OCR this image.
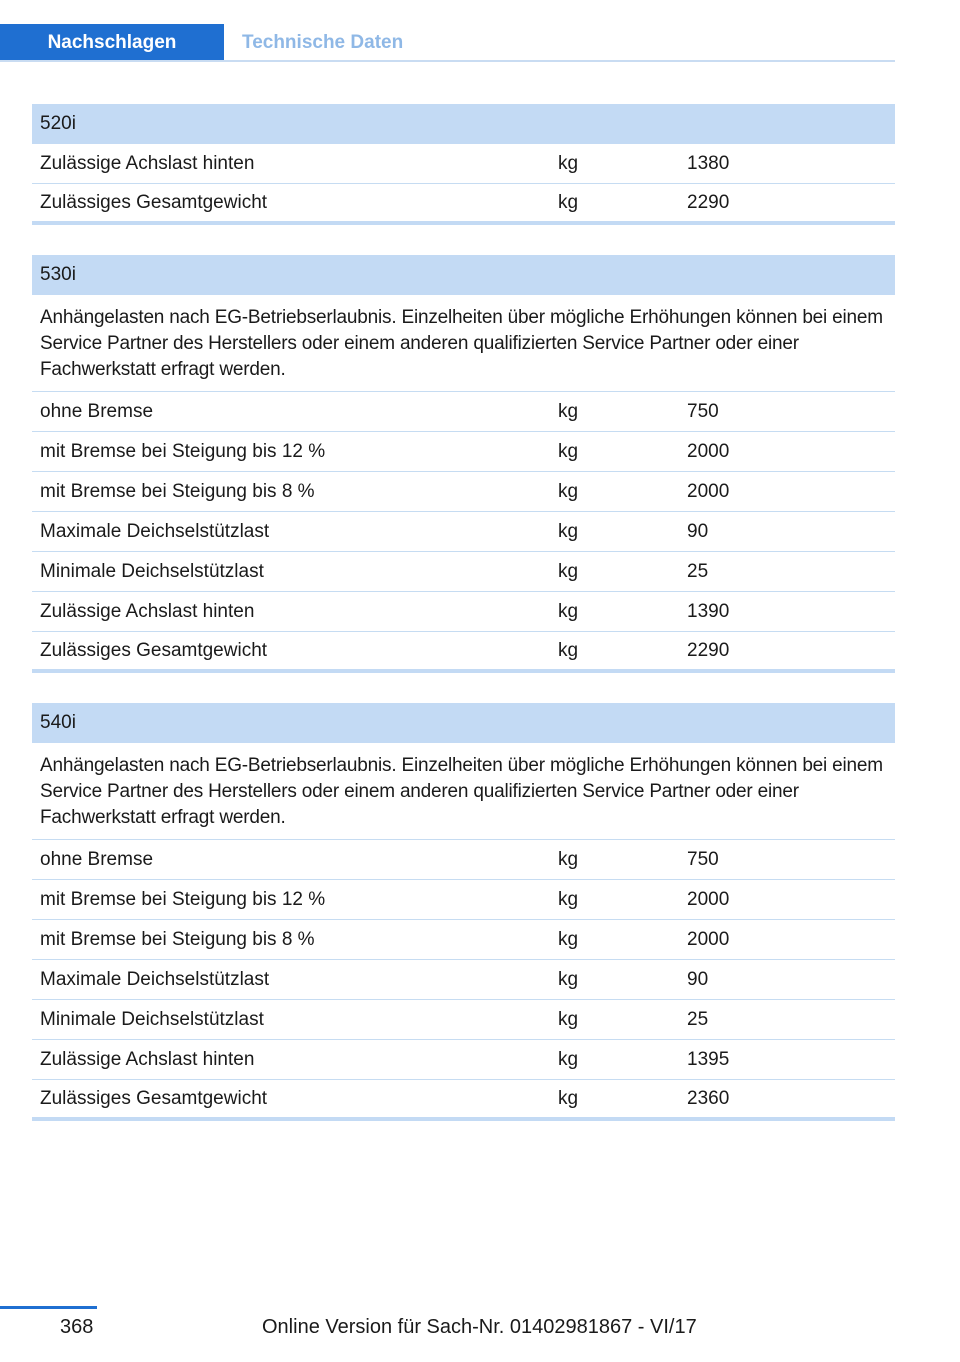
Nachschlagen	Technische Daten
520i
Zulässige Achslast hinten	kg	1380
Zulässiges Gesamtgewicht	kg	2290
530i
Anhängelasten nach EG-Betriebserlaubnis. Einzelheiten über mögliche Erhöhungen können bei einem Service Partner des Herstellers oder einem anderen qualifizierten Service Partner oder einer Fachwerkstatt erfragt werden.
ohne Bremse	kg	750
mit Bremse bei Steigung bis 12 %	kg	2000
mit Bremse bei Steigung bis 8 %	kg	2000
Maximale Deichselstützlast	kg	90
Minimale Deichselstützlast	kg	25
Zulässige Achslast hinten	kg	1390
Zulässiges Gesamtgewicht	kg	2290
540i
Anhängelasten nach EG-Betriebserlaubnis. Einzelheiten über mögliche Erhöhungen können bei einem Service Partner des Herstellers oder einem anderen qualifizierten Service Partner oder einer Fachwerkstatt erfragt werden.
ohne Bremse	kg	750
mit Bremse bei Steigung bis 12 %	kg	2000
mit Bremse bei Steigung bis 8 %	kg	2000
Maximale Deichselstützlast	kg	90
Minimale Deichselstützlast	kg	25
Zulässige Achslast hinten	kg	1395
Zulässiges Gesamtgewicht	kg	2360
368	Online Version für Sach-Nr. 01402981867 - VI/17
